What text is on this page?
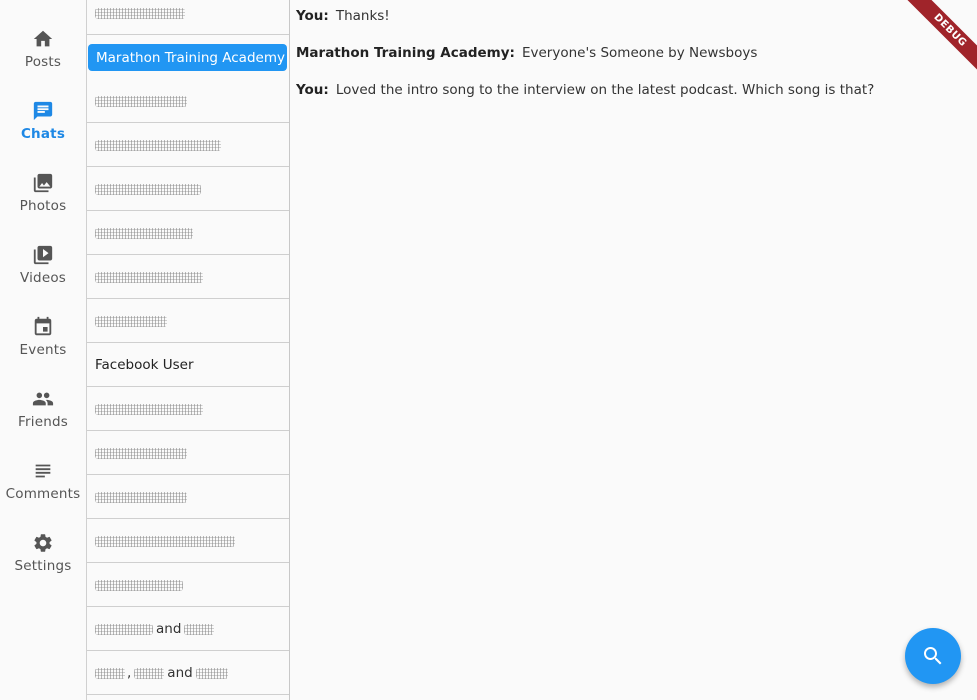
Posts
Chats
Photos
Videos
Events
Friends
Comments
Settings
Marathon Training Academy
Facebook User
and
,	and
You: Thanks!
Marathon Training Academy: Everyone's Someone by Newsboys
You: Loved the intro song to the interview on the latest podcast. Which song is that?
DEBUG
